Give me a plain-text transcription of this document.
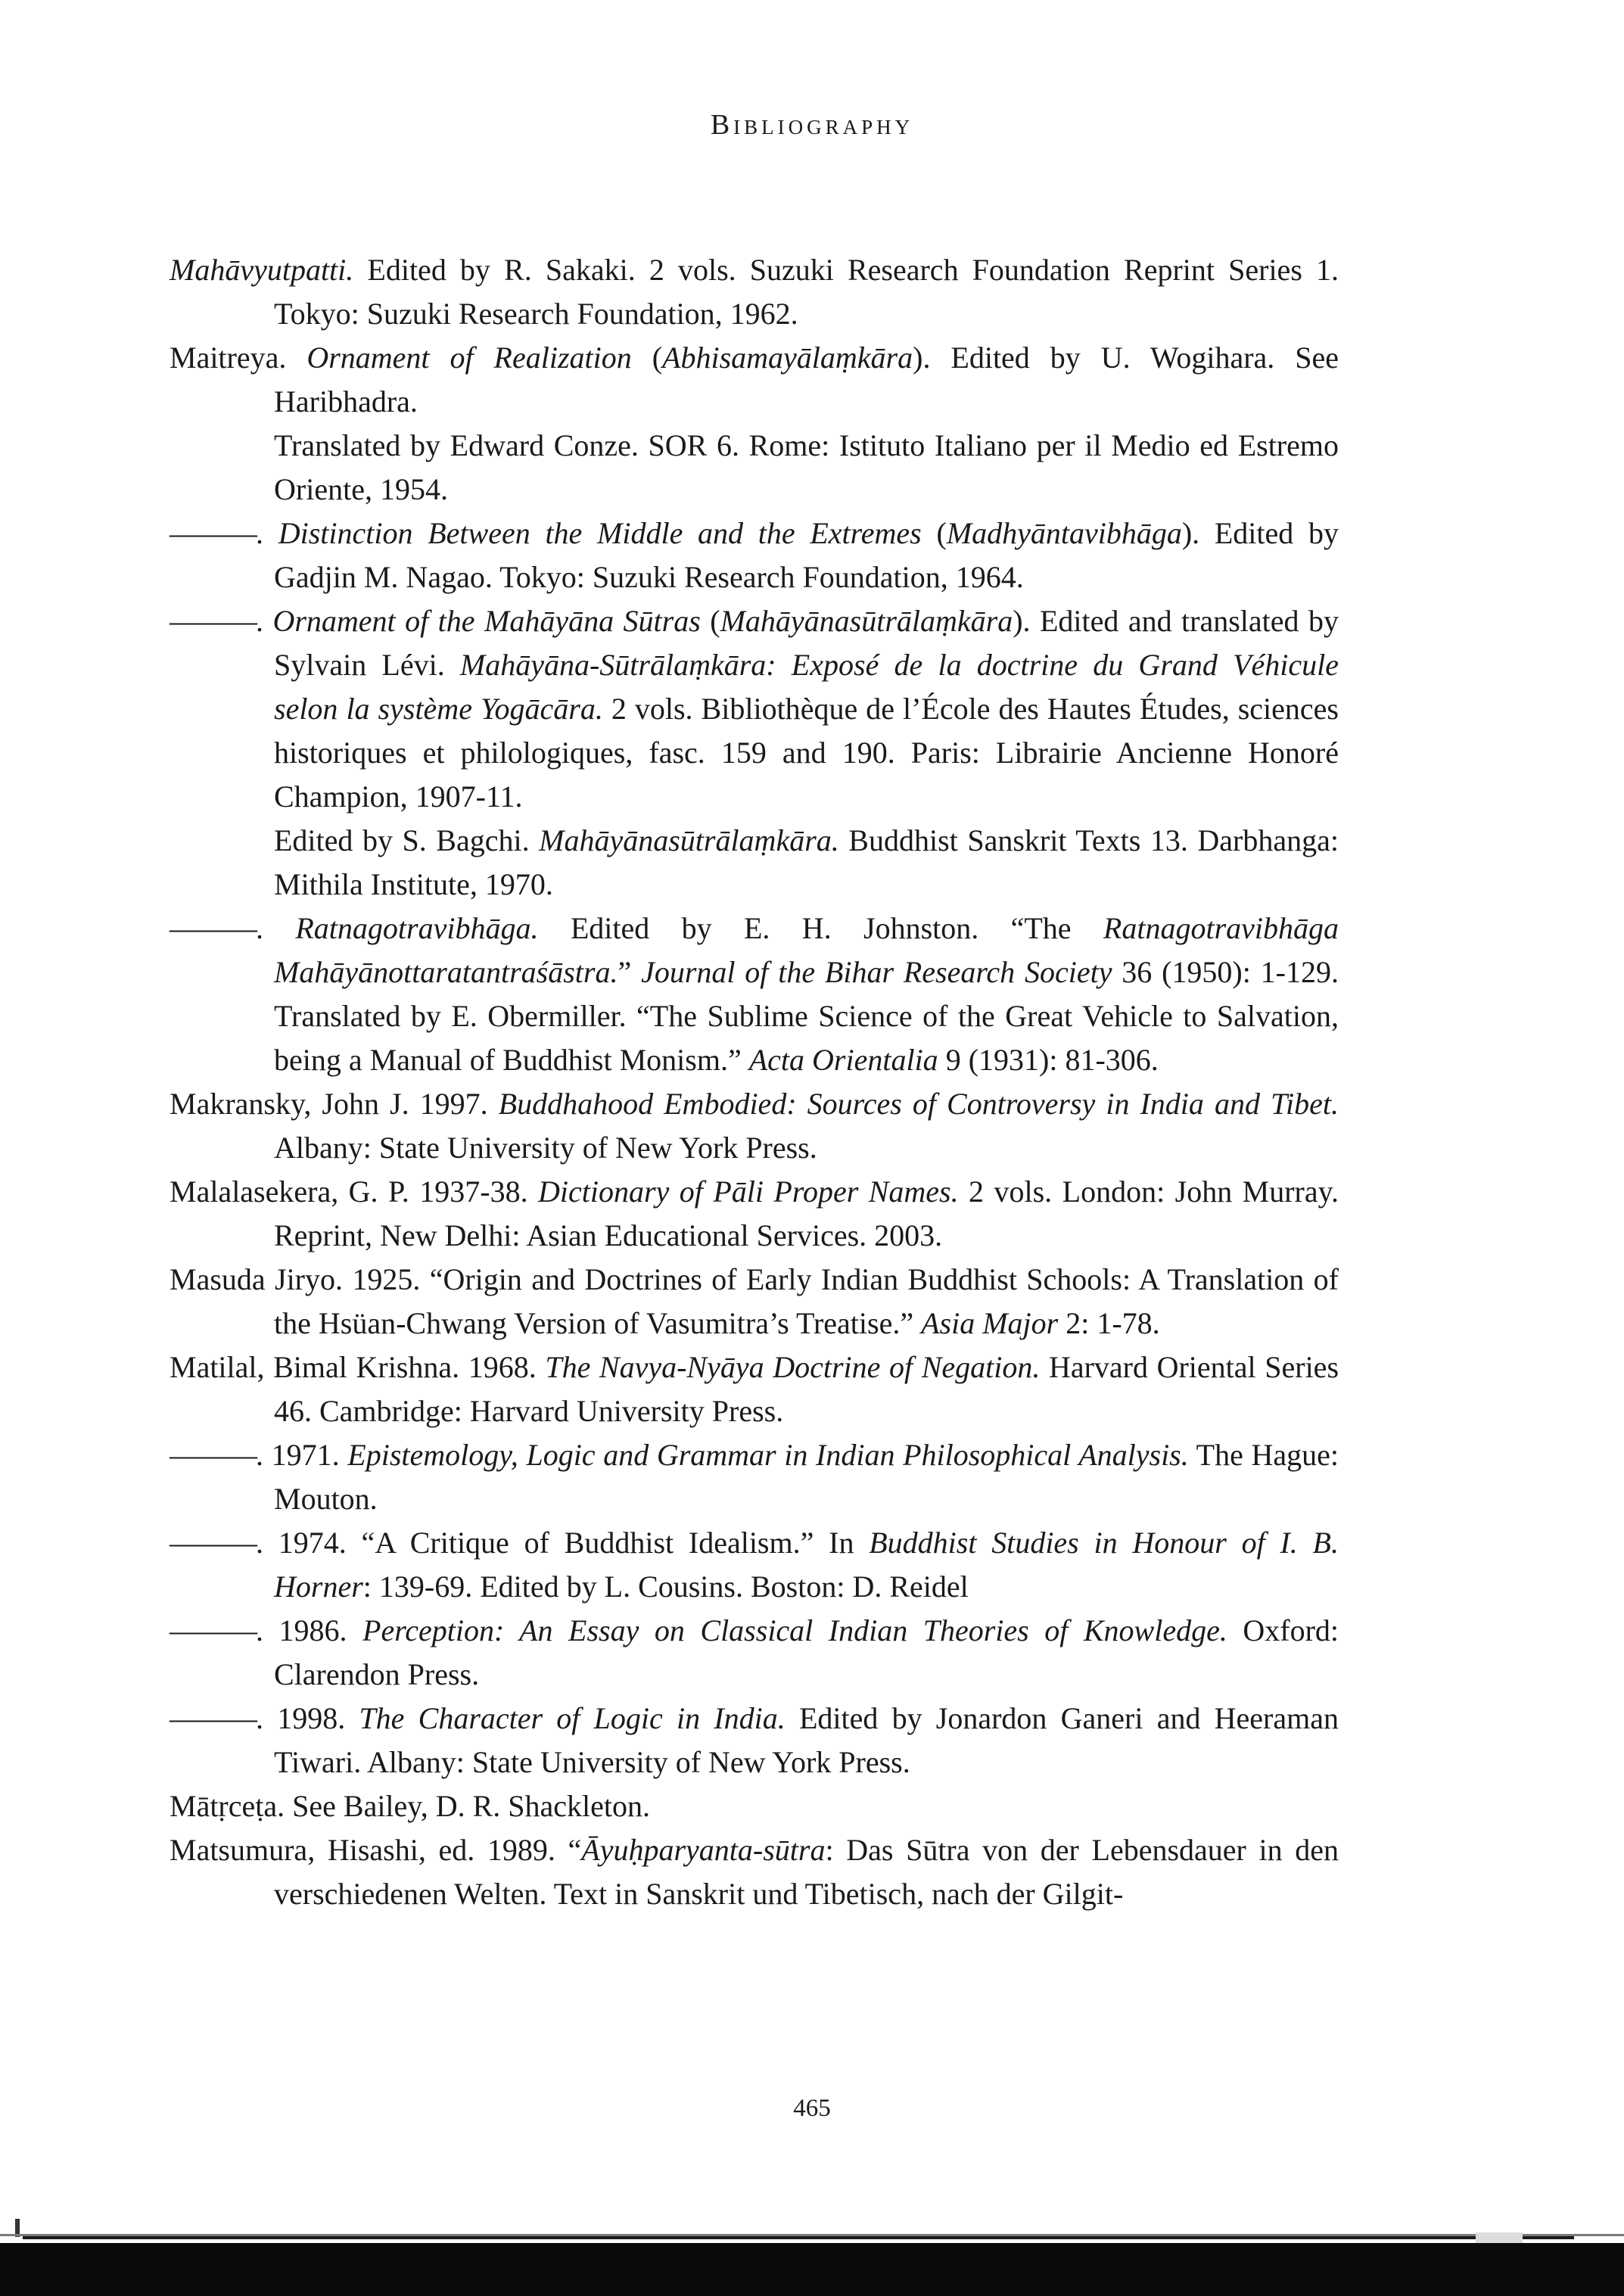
Bibliography
Mahāvyutpatti. Edited by R. Sakaki. 2 vols. Suzuki Research Foundation Reprint Series 1. Tokyo: Suzuki Research Foundation, 1962.
Maitreya. Ornament of Realization (Abhisamayālaṃkāra). Edited by U. Wogihara. See Haribhadra.
Translated by Edward Conze. SOR 6. Rome: Istituto Italiano per il Medio ed Estremo Oriente, 1954.
———. Distinction Between the Middle and the Extremes (Madhyāntavibhāga). Edited by Gadjin M. Nagao. Tokyo: Suzuki Research Foundation, 1964.
———. Ornament of the Mahāyāna Sūtras (Mahāyānasūtrālaṃkāra). Edited and translated by Sylvain Lévi. Mahāyāna-Sūtrālaṃkāra: Exposé de la doctrine du Grand Véhicule selon la système Yogācāra. 2 vols. Bibliothèque de l’École des Hautes Études, sciences historiques et philologiques, fasc. 159 and 190. Paris: Librairie Ancienne Honoré Champion, 1907-11.
Edited by S. Bagchi. Mahāyānasūtrālaṃkāra. Buddhist Sanskrit Texts 13. Darbhanga: Mithila Institute, 1970.
———. Ratnagotravibhāga. Edited by E. H. Johnston. “The Ratnagotravibhāga Mahāyānottaratantraśāstra.” Journal of the Bihar Research Society 36 (1950): 1-129. Translated by E. Obermiller. “The Sublime Science of the Great Vehicle to Salvation, being a Manual of Buddhist Monism.” Acta Orientalia 9 (1931): 81-306.
Makransky, John J. 1997. Buddhahood Embodied: Sources of Controversy in India and Tibet. Albany: State University of New York Press.
Malalasekera, G. P. 1937-38. Dictionary of Pāli Proper Names. 2 vols. London: John Murray. Reprint, New Delhi: Asian Educational Services. 2003.
Masuda Jiryo. 1925. “Origin and Doctrines of Early Indian Buddhist Schools: A Translation of the Hsüan-Chwang Version of Vasumitra’s Treatise.” Asia Major 2: 1-78.
Matilal, Bimal Krishna. 1968. The Navya-Nyāya Doctrine of Negation. Harvard Oriental Series 46. Cambridge: Harvard University Press.
———. 1971. Epistemology, Logic and Grammar in Indian Philosophical Analysis. The Hague: Mouton.
———. 1974. “A Critique of Buddhist Idealism.” In Buddhist Studies in Honour of I. B. Horner: 139-69. Edited by L. Cousins. Boston: D. Reidel
———. 1986. Perception: An Essay on Classical Indian Theories of Knowledge. Oxford: Clarendon Press.
———. 1998. The Character of Logic in India. Edited by Jonardon Ganeri and Heeraman Tiwari. Albany: State University of New York Press.
Mātṛceṭa. See Bailey, D. R. Shackleton.
Matsumura, Hisashi, ed. 1989. “Āyuḥparyanta-sūtra: Das Sūtra von der Lebensdauer in den verschiedenen Welten. Text in Sanskrit und Tibetisch, nach der Gilgit-
465
